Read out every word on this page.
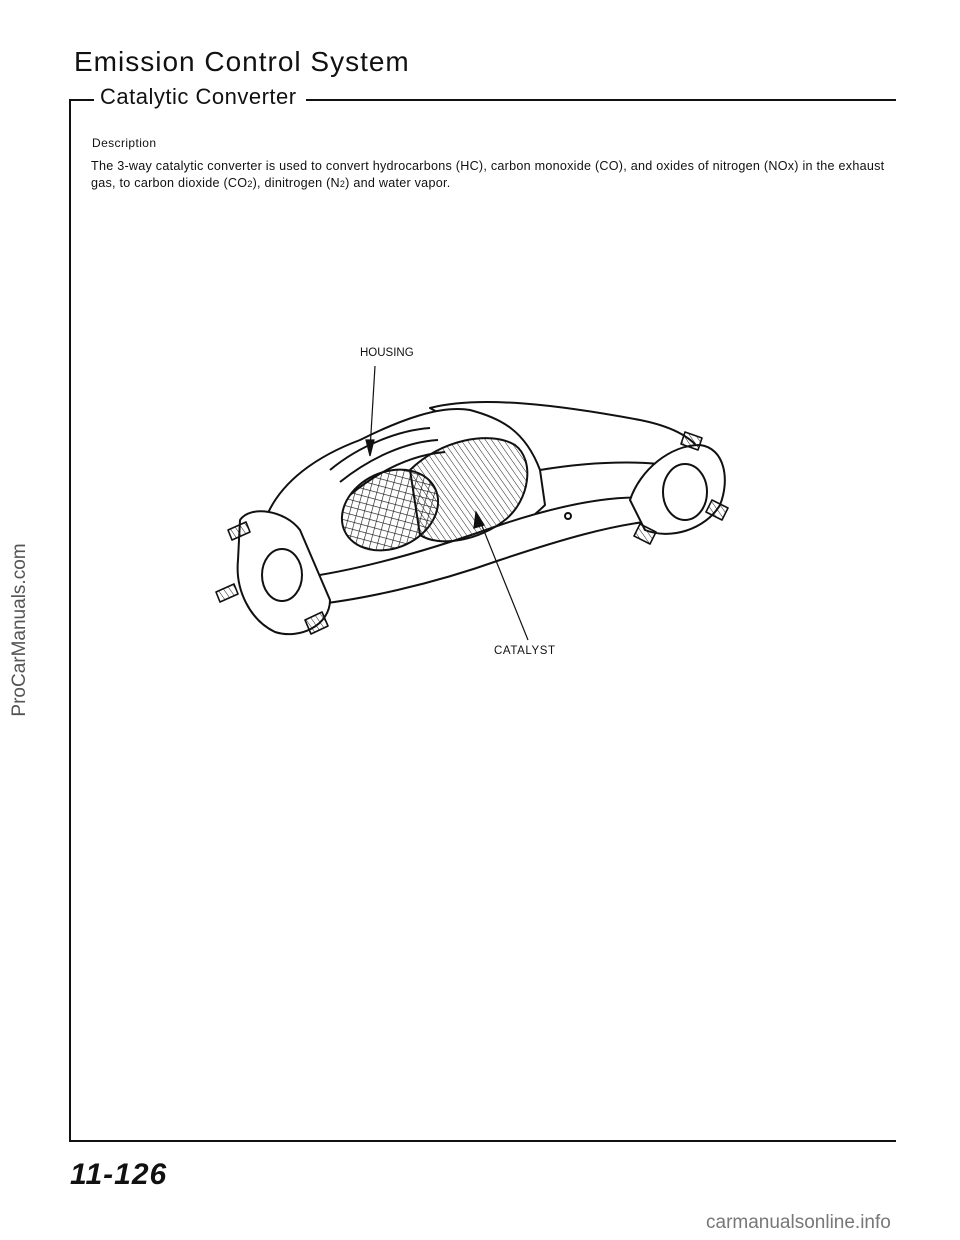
Emission Control System
Catalytic Converter
Description
The 3-way catalytic converter is used to convert hydrocarbons (HC), carbon monoxide (CO), and oxides of nitrogen (NOx) in the exhaust gas, to carbon dioxide (CO2), dinitrogen (N2) and water vapor.
HOUSING
CATALYST
11-126
ProCarManuals.com
carmanualsonline.info
